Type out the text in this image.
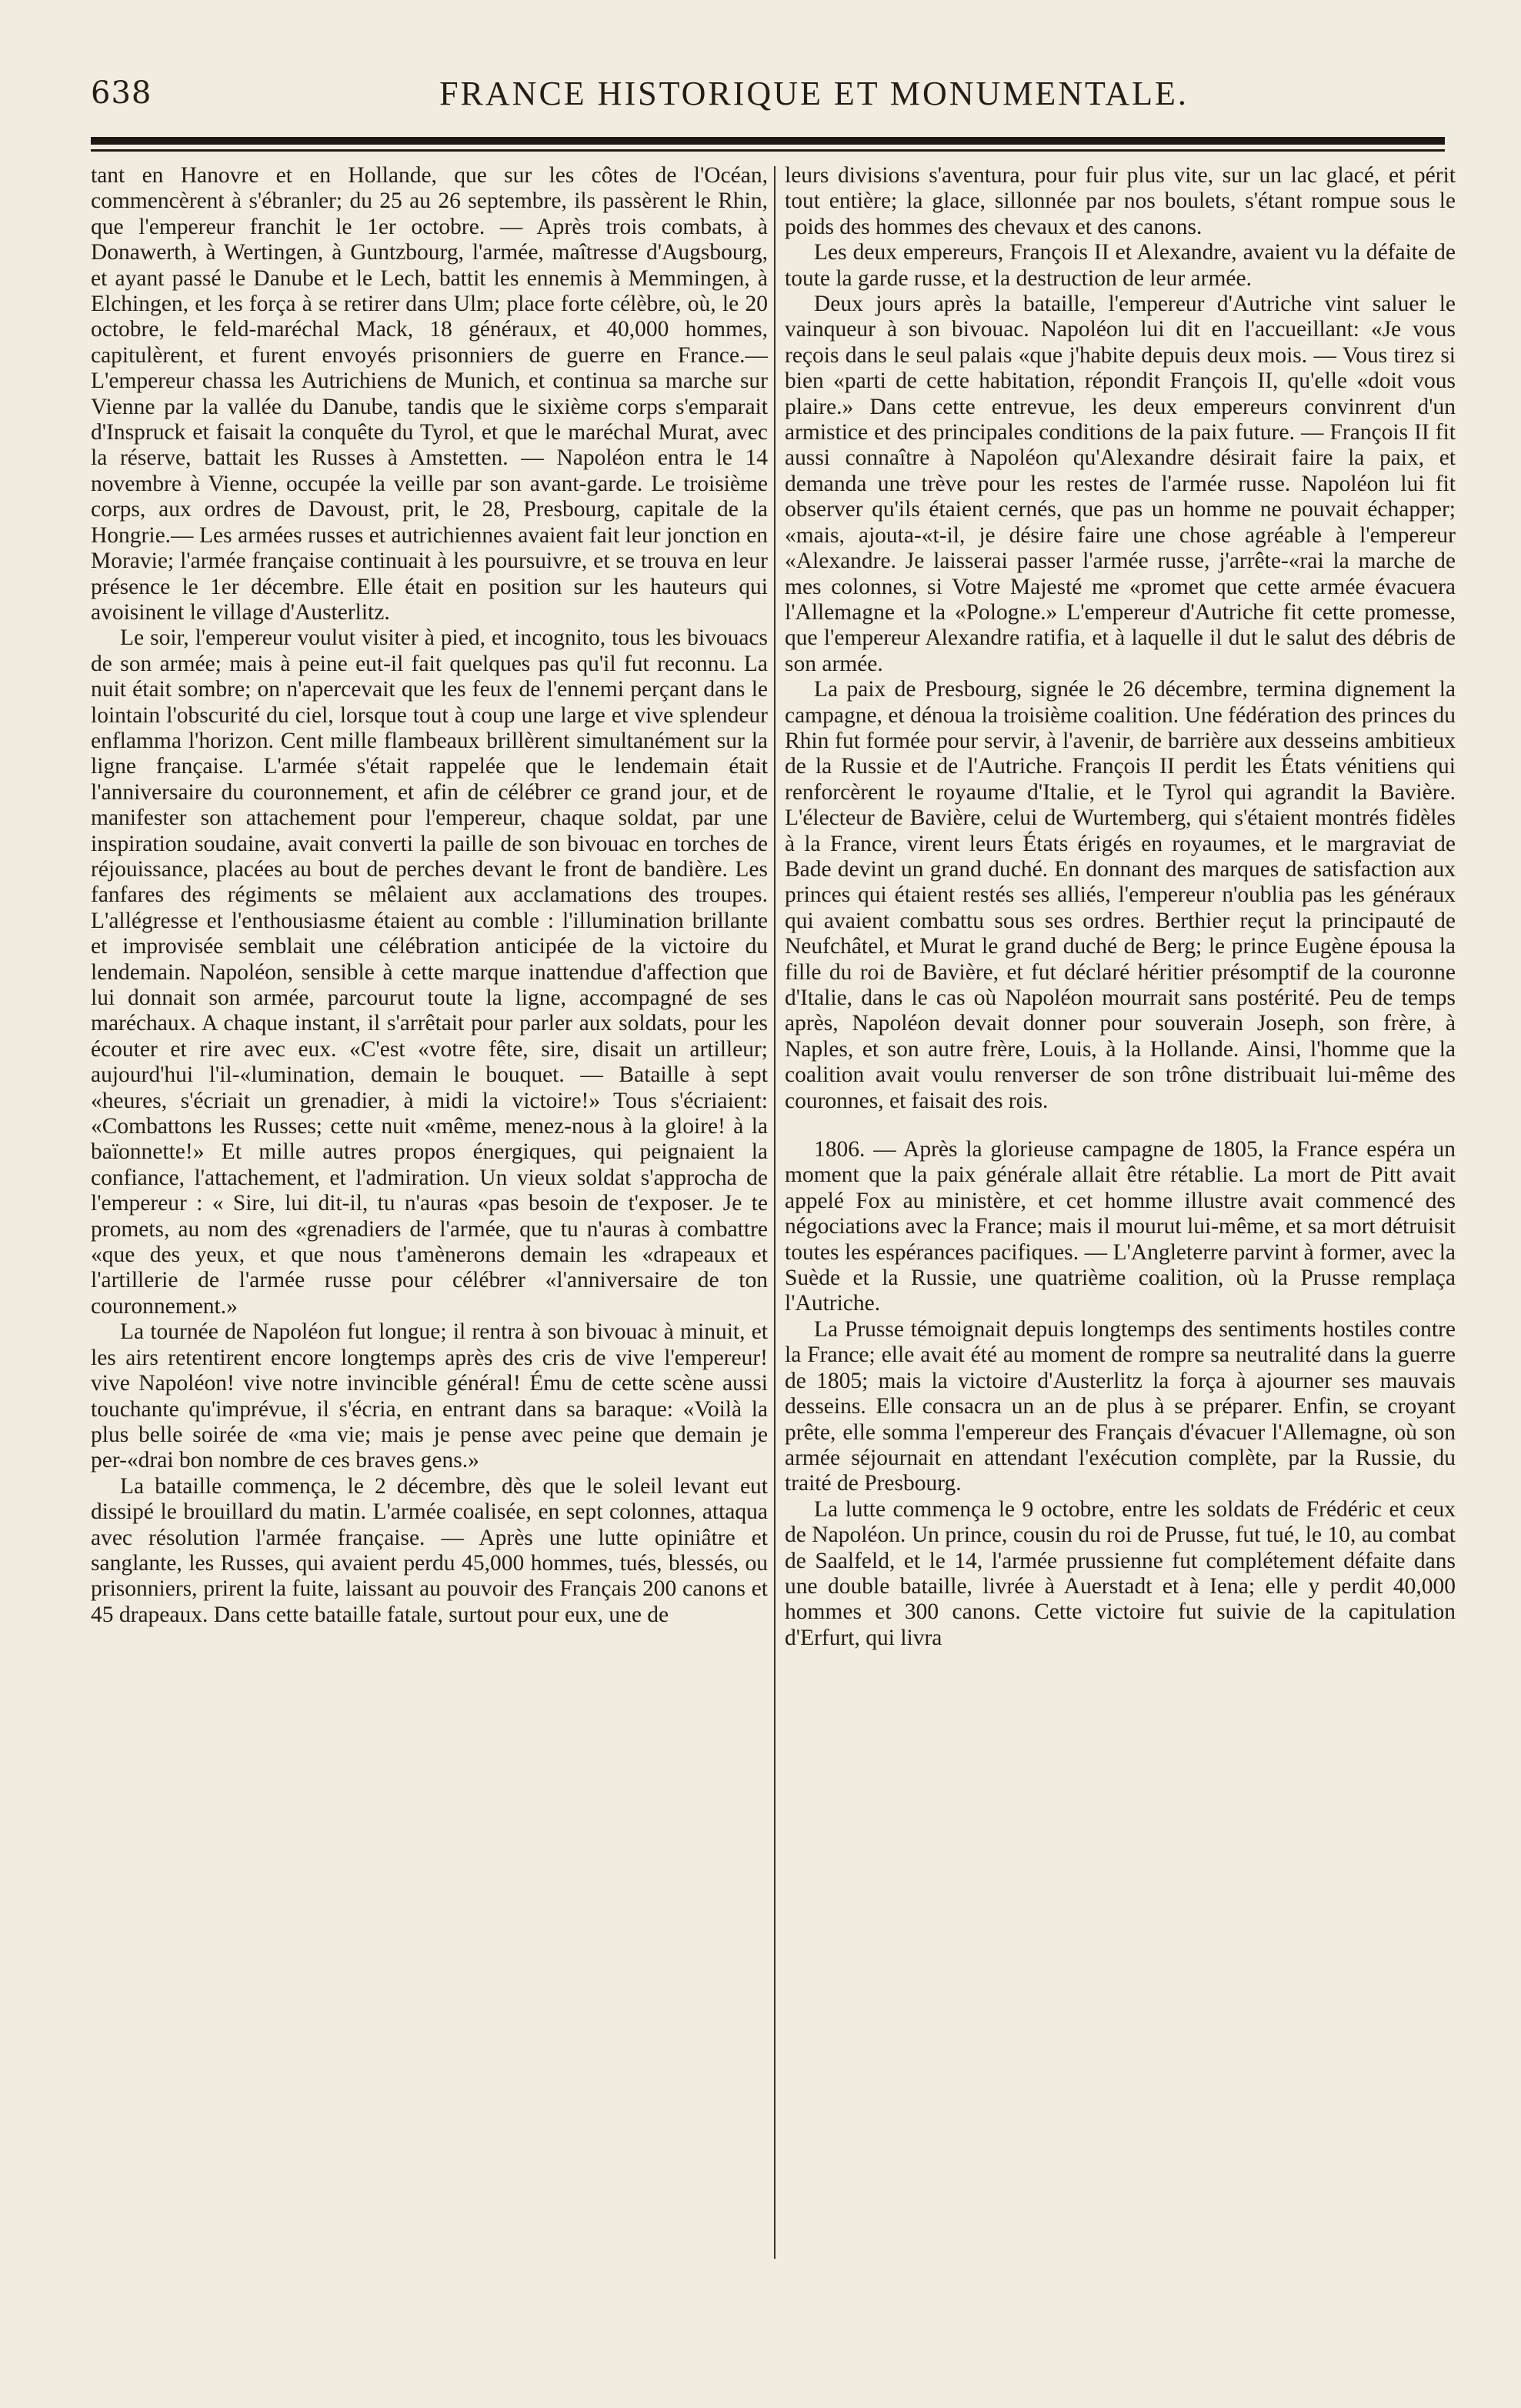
638	FRANCE HISTORIQUE ET MONUMENTALE.

tant en Hanovre et en Hollande, que sur les côtes de l'Océan, commencèrent à s'ébranler; du 25 au 26 septembre, ils passèrent le Rhin, que l'empereur franchit le 1er octobre. — Après trois combats, à Donawerth, à Wertingen, à Guntzbourg, l'armée, maîtresse d'Augsbourg, et ayant passé le Danube et le Lech, battit les ennemis à Memmingen, à Elchingen, et les força à se retirer dans Ulm; place forte célèbre, où, le 20 octobre, le feld-maréchal Mack, 18 généraux, et 40,000 hommes, capitulèrent, et furent envoyés prisonniers de guerre en France.— L'empereur chassa les Autrichiens de Munich, et continua sa marche sur Vienne par la vallée du Danube, tandis que le sixième corps s'emparait d'Inspruck et faisait la conquête du Tyrol, et que le maréchal Murat, avec la réserve, battait les Russes à Amstetten. — Napoléon entra le 14 novembre à Vienne, occupée la veille par son avant-garde. Le troisième corps, aux ordres de Davoust, prit, le 28, Presbourg, capitale de la Hongrie.— Les armées russes et autrichiennes avaient fait leur jonction en Moravie; l'armée française continuait à les poursuivre, et se trouva en leur présence le 1er décembre. Elle était en position sur les hauteurs qui avoisinent le village d'Austerlitz.

Le soir, l'empereur voulut visiter à pied, et incognito, tous les bivouacs de son armée; mais à peine eut-il fait quelques pas qu'il fut reconnu. La nuit était sombre; on n'apercevait que les feux de l'ennemi perçant dans le lointain l'obscurité du ciel, lorsque tout à coup une large et vive splendeur enflamma l'horizon. Cent mille flambeaux brillèrent simultanément sur la ligne française. L'armée s'était rappelée que le lendemain était l'anniversaire du couronnement, et afin de célébrer ce grand jour, et de manifester son attachement pour l'empereur, chaque soldat, par une inspiration soudaine, avait converti la paille de son bivouac en torches de réjouissance, placées au bout de perches devant le front de bandière. Les fanfares des régiments se mêlaient aux acclamations des troupes. L'allégresse et l'enthousiasme étaient au comble : l'illumination brillante et improvisée semblait une célébration anticipée de la victoire du lendemain. Napoléon, sensible à cette marque inattendue d'affection que lui donnait son armée, parcourut toute la ligne, accompagné de ses maréchaux. A chaque instant, il s'arrêtait pour parler aux soldats, pour les écouter et rire avec eux. «C'est «votre fête, sire, disait un artilleur; aujourd'hui l'il-«lumination, demain le bouquet. — Bataille à sept «heures, s'écriait un grenadier, à midi la victoire!» Tous s'écriaient: «Combattons les Russes; cette nuit «même, menez-nous à la gloire! à la baïonnette!» Et mille autres propos énergiques, qui peignaient la confiance, l'attachement, et l'admiration. Un vieux soldat s'approcha de l'empereur : « Sire, lui dit-il, tu n'auras «pas besoin de t'exposer. Je te promets, au nom des «grenadiers de l'armée, que tu n'auras à combattre «que des yeux, et que nous t'amènerons demain les «drapeaux et l'artillerie de l'armée russe pour célébrer «l'anniversaire de ton couronnement.»

La tournée de Napoléon fut longue; il rentra à son bivouac à minuit, et les airs retentirent encore longtemps après des cris de vive l'empereur! vive Napoléon! vive notre invincible général! Ému de cette scène aussi touchante qu'imprévue, il s'écria, en entrant dans sa baraque: «Voilà la plus belle soirée de «ma vie; mais je pense avec peine que demain je per-«drai bon nombre de ces braves gens.»

La bataille commença, le 2 décembre, dès que le soleil levant eut dissipé le brouillard du matin. L'armée coalisée, en sept colonnes, attaqua avec résolution l'armée française. — Après une lutte opiniâtre et sanglante, les Russes, qui avaient perdu 45,000 hommes, tués, blessés, ou prisonniers, prirent la fuite, laissant au pouvoir des Français 200 canons et 45 drapeaux. Dans cette bataille fatale, surtout pour eux, une de

leurs divisions s'aventura, pour fuir plus vite, sur un lac glacé, et périt tout entière; la glace, sillonnée par nos boulets, s'étant rompue sous le poids des hommes des chevaux et des canons.

Les deux empereurs, François II et Alexandre, avaient vu la défaite de toute la garde russe, et la destruction de leur armée.

Deux jours après la bataille, l'empereur d'Autriche vint saluer le vainqueur à son bivouac. Napoléon lui dit en l'accueillant: «Je vous reçois dans le seul palais «que j'habite depuis deux mois. — Vous tirez si bien «parti de cette habitation, répondit François II, qu'elle «doit vous plaire.» Dans cette entrevue, les deux empereurs convinrent d'un armistice et des principales conditions de la paix future. — François II fit aussi connaître à Napoléon qu'Alexandre désirait faire la paix, et demanda une trève pour les restes de l'armée russe. Napoléon lui fit observer qu'ils étaient cernés, que pas un homme ne pouvait échapper; «mais, ajouta-«t-il, je désire faire une chose agréable à l'empereur «Alexandre. Je laisserai passer l'armée russe, j'arrête-«rai la marche de mes colonnes, si Votre Majesté me «promet que cette armée évacuera l'Allemagne et la «Pologne.» L'empereur d'Autriche fit cette promesse, que l'empereur Alexandre ratifia, et à laquelle il dut le salut des débris de son armée.

La paix de Presbourg, signée le 26 décembre, termina dignement la campagne, et dénoua la troisième coalition. Une fédération des princes du Rhin fut formée pour servir, à l'avenir, de barrière aux desseins ambitieux de la Russie et de l'Autriche. François II perdit les États vénitiens qui renforcèrent le royaume d'Italie, et le Tyrol qui agrandit la Bavière. L'électeur de Bavière, celui de Wurtemberg, qui s'étaient montrés fidèles à la France, virent leurs États érigés en royaumes, et le margraviat de Bade devint un grand duché. En donnant des marques de satisfaction aux princes qui étaient restés ses alliés, l'empereur n'oublia pas les généraux qui avaient combattu sous ses ordres. Berthier reçut la principauté de Neufchâtel, et Murat le grand duché de Berg; le prince Eugène épousa la fille du roi de Bavière, et fut déclaré héritier présomptif de la couronne d'Italie, dans le cas où Napoléon mourrait sans postérité. Peu de temps après, Napoléon devait donner pour souverain Joseph, son frère, à Naples, et son autre frère, Louis, à la Hollande. Ainsi, l'homme que la coalition avait voulu renverser de son trône distribuait lui-même des couronnes, et faisait des rois.

1806. — Après la glorieuse campagne de 1805, la France espéra un moment que la paix générale allait être rétablie. La mort de Pitt avait appelé Fox au ministère, et cet homme illustre avait commencé des négociations avec la France; mais il mourut lui-même, et sa mort détruisit toutes les espérances pacifiques. — L'Angleterre parvint à former, avec la Suède et la Russie, une quatrième coalition, où la Prusse remplaça l'Autriche.

La Prusse témoignait depuis longtemps des sentiments hostiles contre la France; elle avait été au moment de rompre sa neutralité dans la guerre de 1805; mais la victoire d'Austerlitz la força à ajourner ses mauvais desseins. Elle consacra un an de plus à se préparer. Enfin, se croyant prête, elle somma l'empereur des Français d'évacuer l'Allemagne, où son armée séjournait en attendant l'exécution complète, par la Russie, du traité de Presbourg.

La lutte commença le 9 octobre, entre les soldats de Frédéric et ceux de Napoléon. Un prince, cousin du roi de Prusse, fut tué, le 10, au combat de Saalfeld, et le 14, l'armée prussienne fut complétement défaite dans une double bataille, livrée à Auerstadt et à Iena; elle y perdit 40,000 hommes et 300 canons. Cette victoire fut suivie de la capitulation d'Erfurt, qui livra
